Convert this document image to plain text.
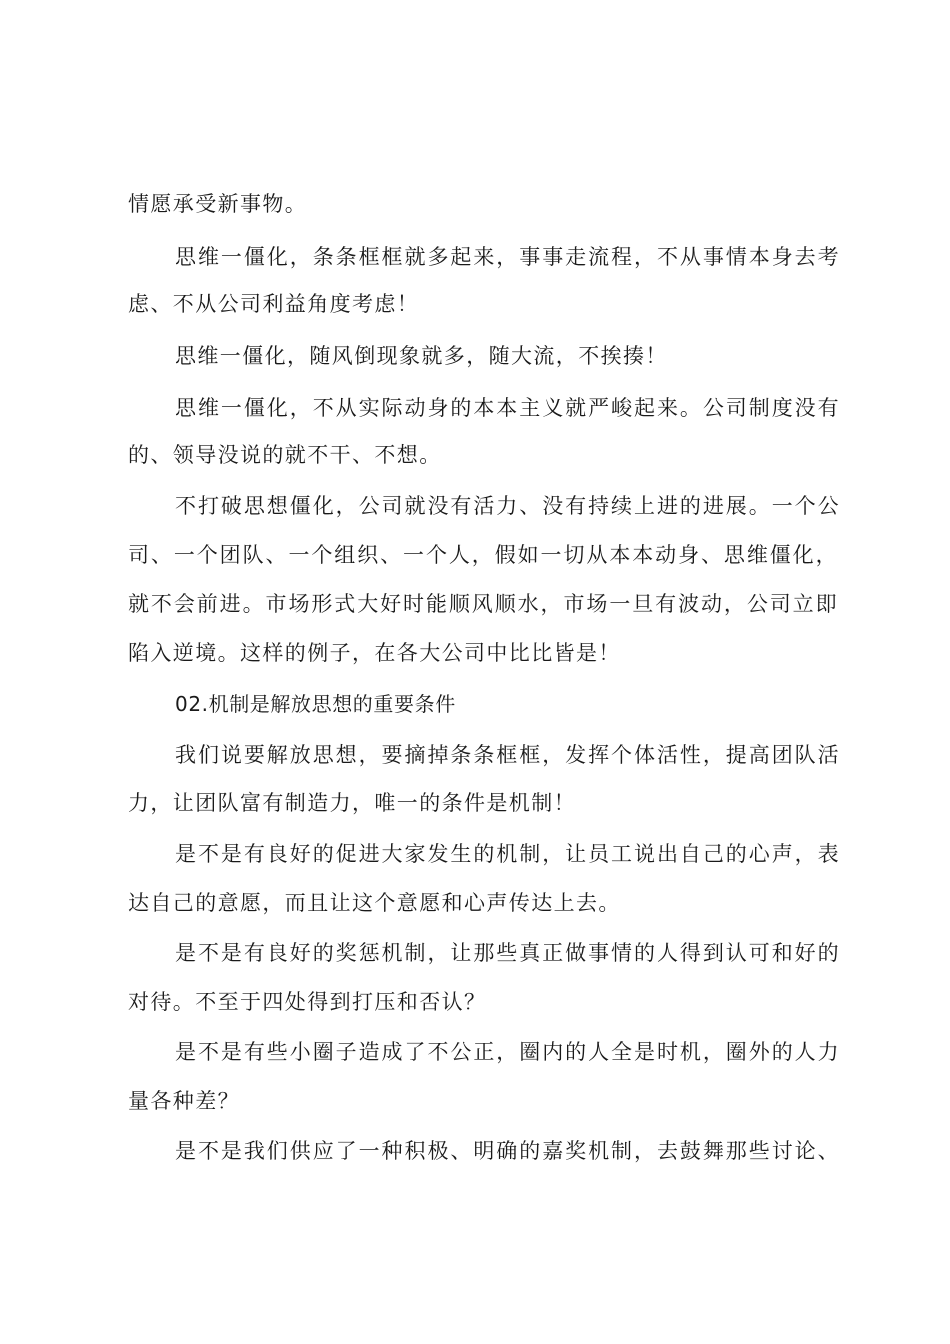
情愿承受新事物。
思维一僵化，条条框框就多起来，事事走流程，不从事情本身去考
虑、不从公司利益角度考虑！
思维一僵化，随风倒现象就多，随大流，不挨揍！
思维一僵化，不从实际动身的本本主义就严峻起来。公司制度没有
的、领导没说的就不干、不想。
不打破思想僵化，公司就没有活力、没有持续上进的进展。一个公
司、一个团队、一个组织、一个人，假如一切从本本动身、思维僵化，
就不会前进。市场形式大好时能顺风顺水，市场一旦有波动，公司立即
陷入逆境。这样的例子，在各大公司中比比皆是！
02.机制是解放思想的重要条件
我们说要解放思想，要摘掉条条框框，发挥个体活性，提高团队活
力，让团队富有制造力，唯一的条件是机制！
是不是有良好的促进大家发生的机制，让员工说出自己的心声，表
达自己的意愿，而且让这个意愿和心声传达上去。
是不是有良好的奖惩机制，让那些真正做事情的人得到认可和好的
对待。不至于四处得到打压和否认？
是不是有些小圈子造成了不公正，圈内的人全是时机，圈外的人力
量各种差？
是不是我们供应了一种积极、明确的嘉奖机制，去鼓舞那些讨论、
